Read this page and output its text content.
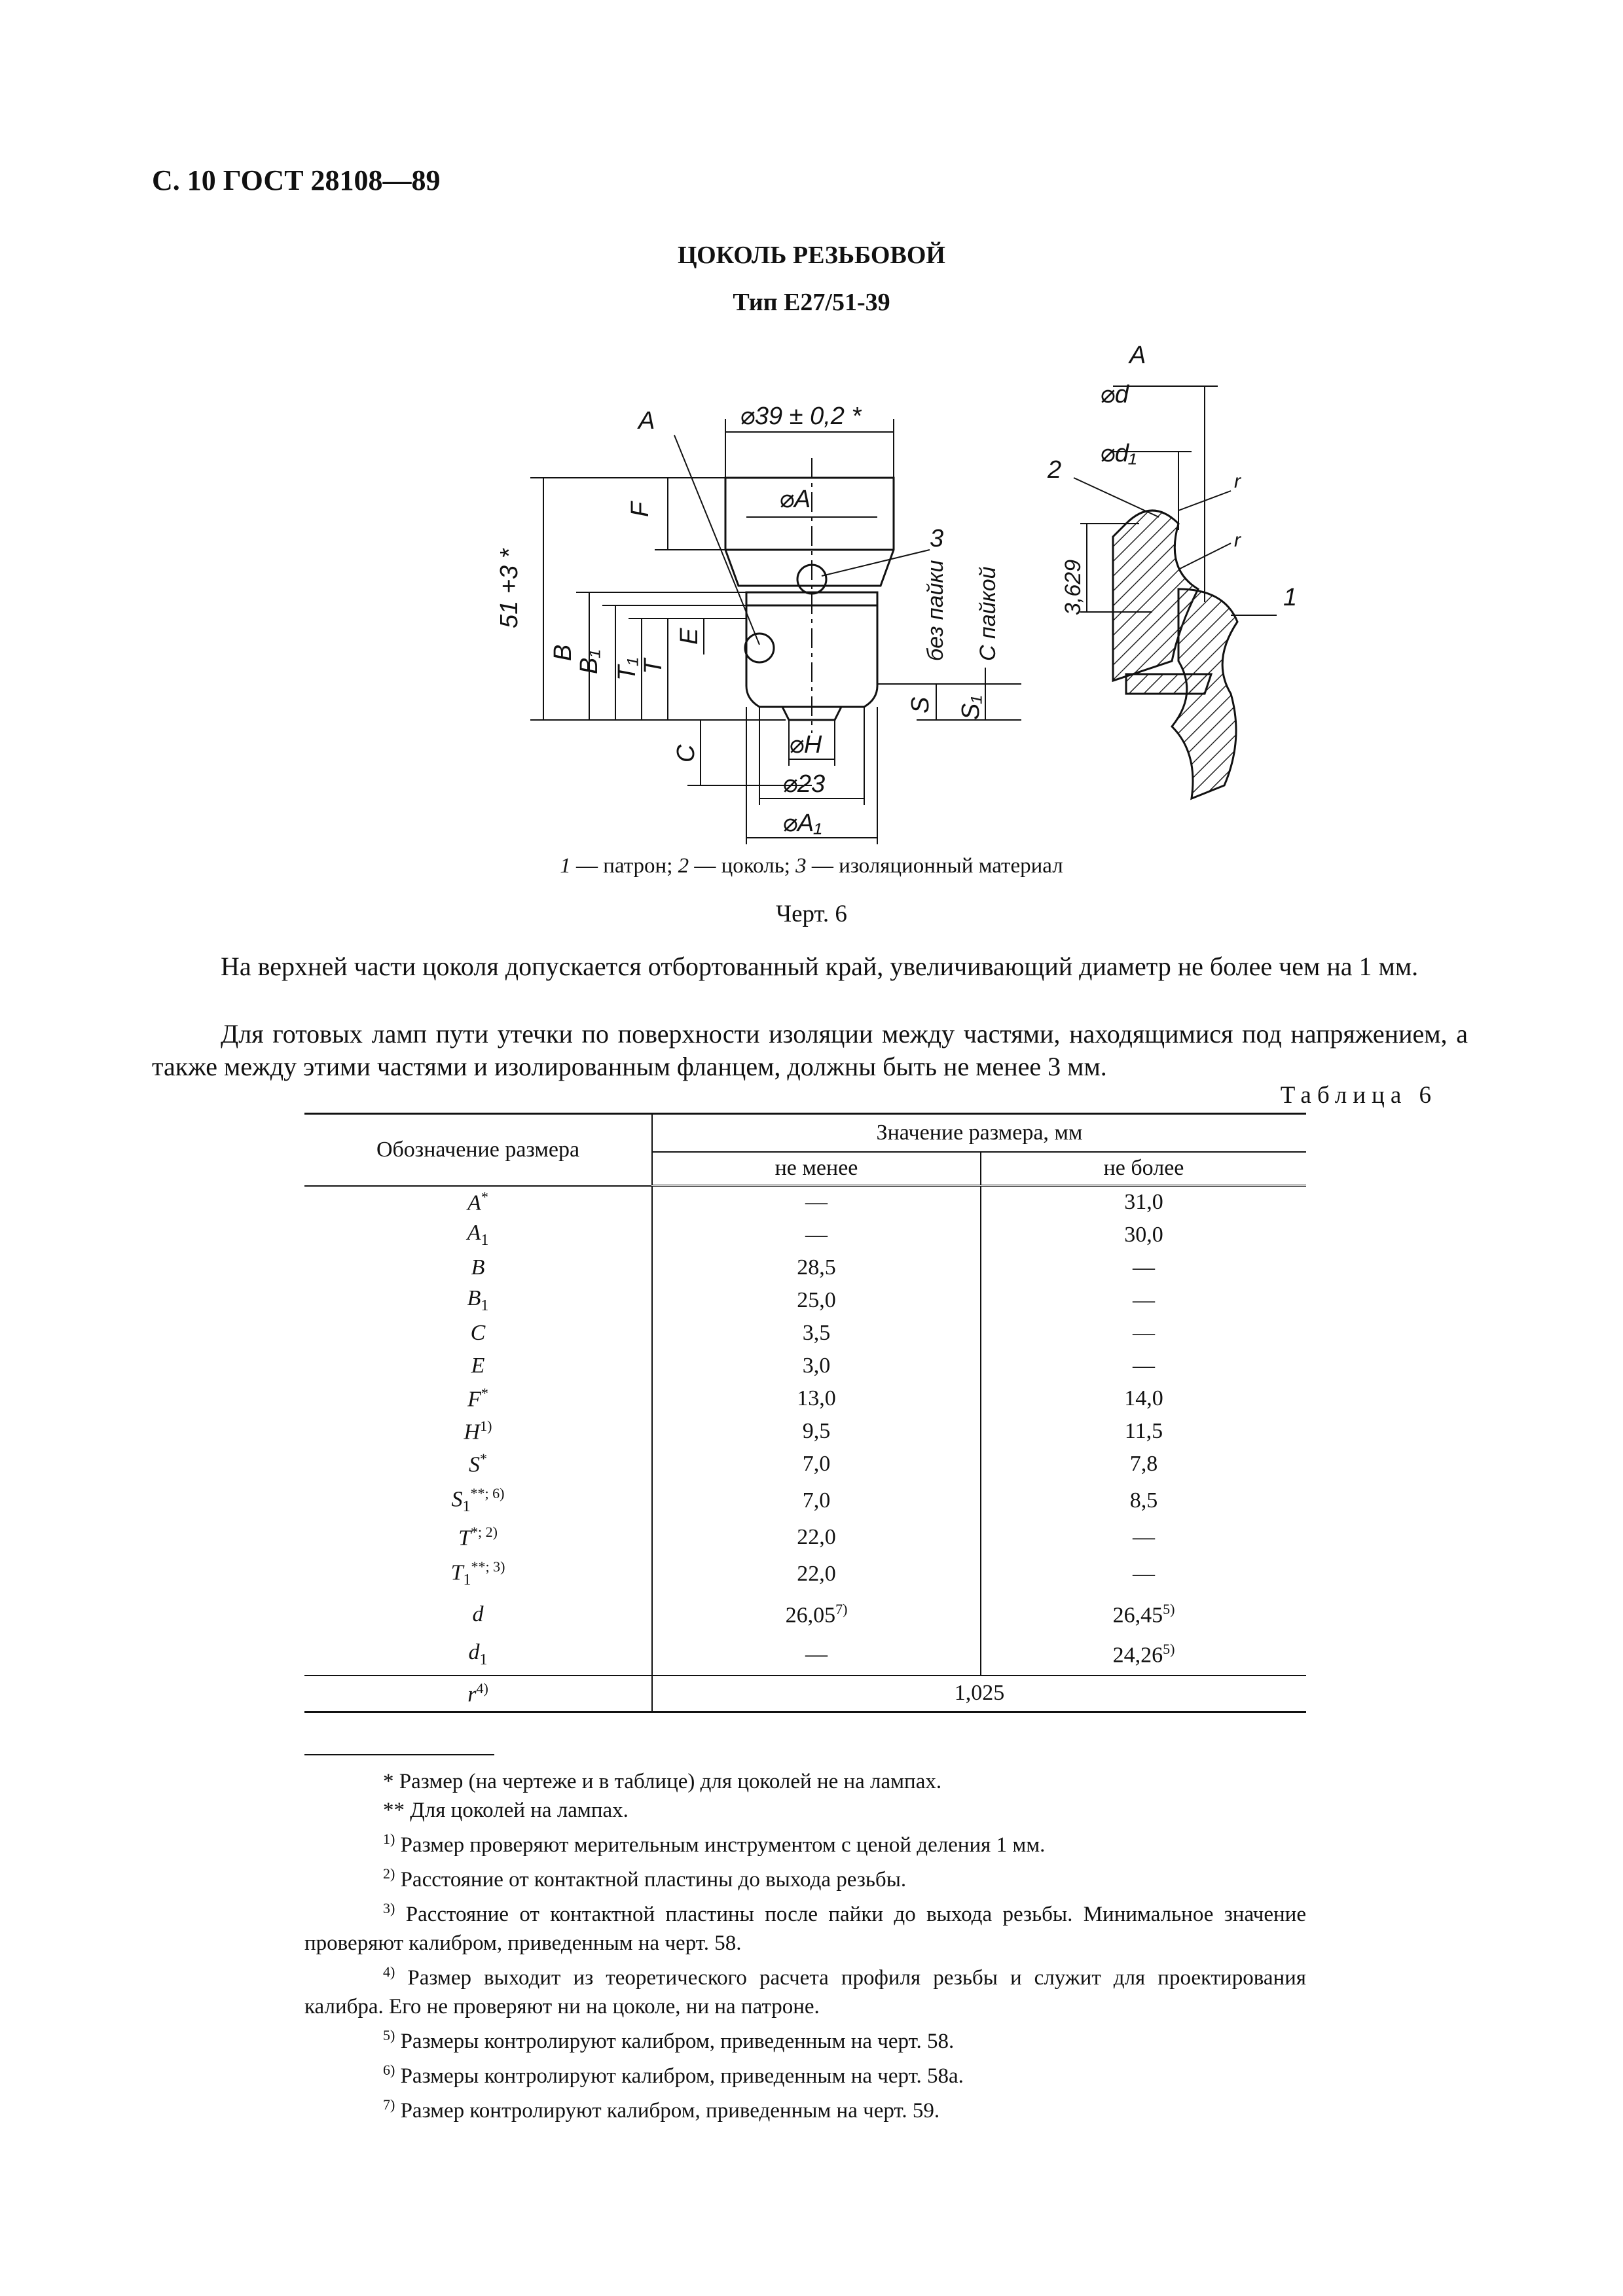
С. 10 ГОСТ 28108—89
ЦОКОЛЬ РЕЗЬБОВОЙ
Тип Е27/51-39
A
A
⌀39 ± 0,2 *
⌀A
F
51 +3 *
B
B₁ T₁
T
E
C
S S₁
без пайки С пайкой
⌀H
⌀23
⌀A₁
3
⌀d
⌀d₁
2	r
r
3,629	1
1 — патрон; 2 — цоколь; 3 — изоляционный материал
Черт. 6
На верхней части цоколя допускается отбортованный край, увеличивающий диаметр не более чем на 1 мм.
Для готовых ламп пути утечки по поверхности изоляции между частями, находящимися под напряжением, а также между этими частями и изолированным фланцем, должны быть не менее 3 мм.
Таблица 6
Обозначение размера	Значение размера, мм	
	не менее	не более
A*	—	31,0
$A_1$	—	30,0
B	28,5	—
$B_1$	25,0	—
C	3,5	—
E	3,0	—
F*	13,0	14,0
$H^{1)}$	9,5	11,5
S*	7,0	7,8
$S_1^{**; 6)}$	7,0	8,5
$T^{*; 2)}$	22,0	—
$T_1^{**; 3)}$	22,0	—
d	26,05$^{7)}$	26,45$^{5)}$
$d_1$	—	24,26$^{5)}$
$r^{4)}$	1,025	
* Размер (на чертеже и в таблице) для цоколей не на лампах.
** Для цоколей на лампах.
$^{1)}$ Размер проверяют мерительным инструментом с ценой деления 1 мм.
$^{2)}$ Расстояние от контактной пластины до выхода резьбы.
$^{3)}$ Расстояние от контактной пластины после пайки до выхода резьбы. Минимальное значение проверяют калибром, приведенным на черт. 58.
$^{4)}$ Размер выходит из теоретического расчета профиля резьбы и служит для проектирования калибра. Его не проверяют ни на цоколе, ни на патроне.
$^{5)}$ Размеры контролируют калибром, приведенным на черт. 58.
$^{6)}$ Размеры контролируют калибром, приведенным на черт. 58а.
$^{7)}$ Размер контролируют калибром, приведенным на черт. 59.
